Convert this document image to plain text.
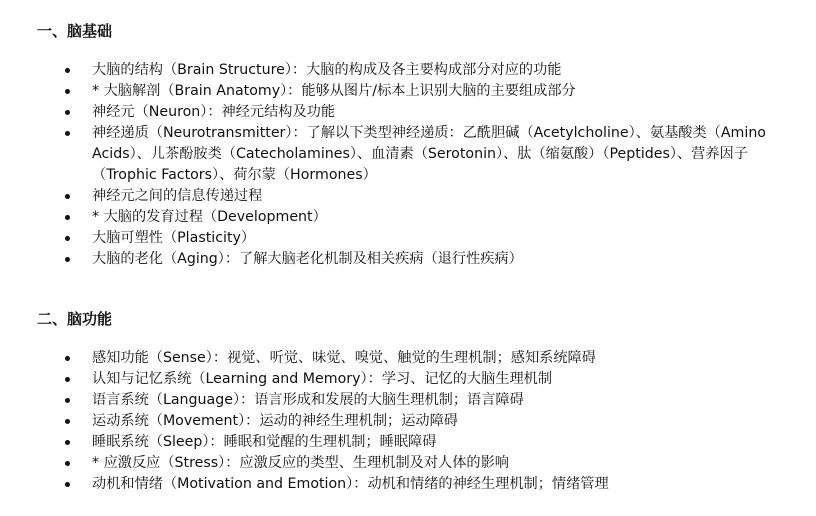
一、脑基础
大脑的结构（Brain Structure）：大脑的构成及各主要构成部分对应的功能
* 大脑解剖（Brain Anatomy）：能够从图片/标本上识别大脑的主要组成部分
神经元（Neuron）：神经元结构及功能
神经递质（Neurotransmitter）：了解以下类型神经递质：乙酰胆碱（Acetylcholine）、氨基酸类（Amino Acids）、儿茶酚胺类（Catecholamines）、血清素（Serotonin）、肽（缩氨酸）（Peptides）、营养因子（Trophic Factors）、荷尔蒙（Hormones）
神经元之间的信息传递过程
* 大脑的发育过程（Development）
大脑可塑性（Plasticity）
大脑的老化（Aging）：了解大脑老化机制及相关疾病（退行性疾病）
二、脑功能
感知功能（Sense）：视觉、听觉、味觉、嗅觉、触觉的生理机制；感知系统障碍
认知与记忆系统（Learning and Memory）：学习、记忆的大脑生理机制
语言系统（Language）：语言形成和发展的大脑生理机制；语言障碍
运动系统（Movement）：运动的神经生理机制；运动障碍
睡眠系统（Sleep）：睡眠和觉醒的生理机制；睡眠障碍
* 应激反应（Stress）：应激反应的类型、生理机制及对人体的影响
动机和情绪（Motivation and Emotion）：动机和情绪的神经生理机制；情绪管理
